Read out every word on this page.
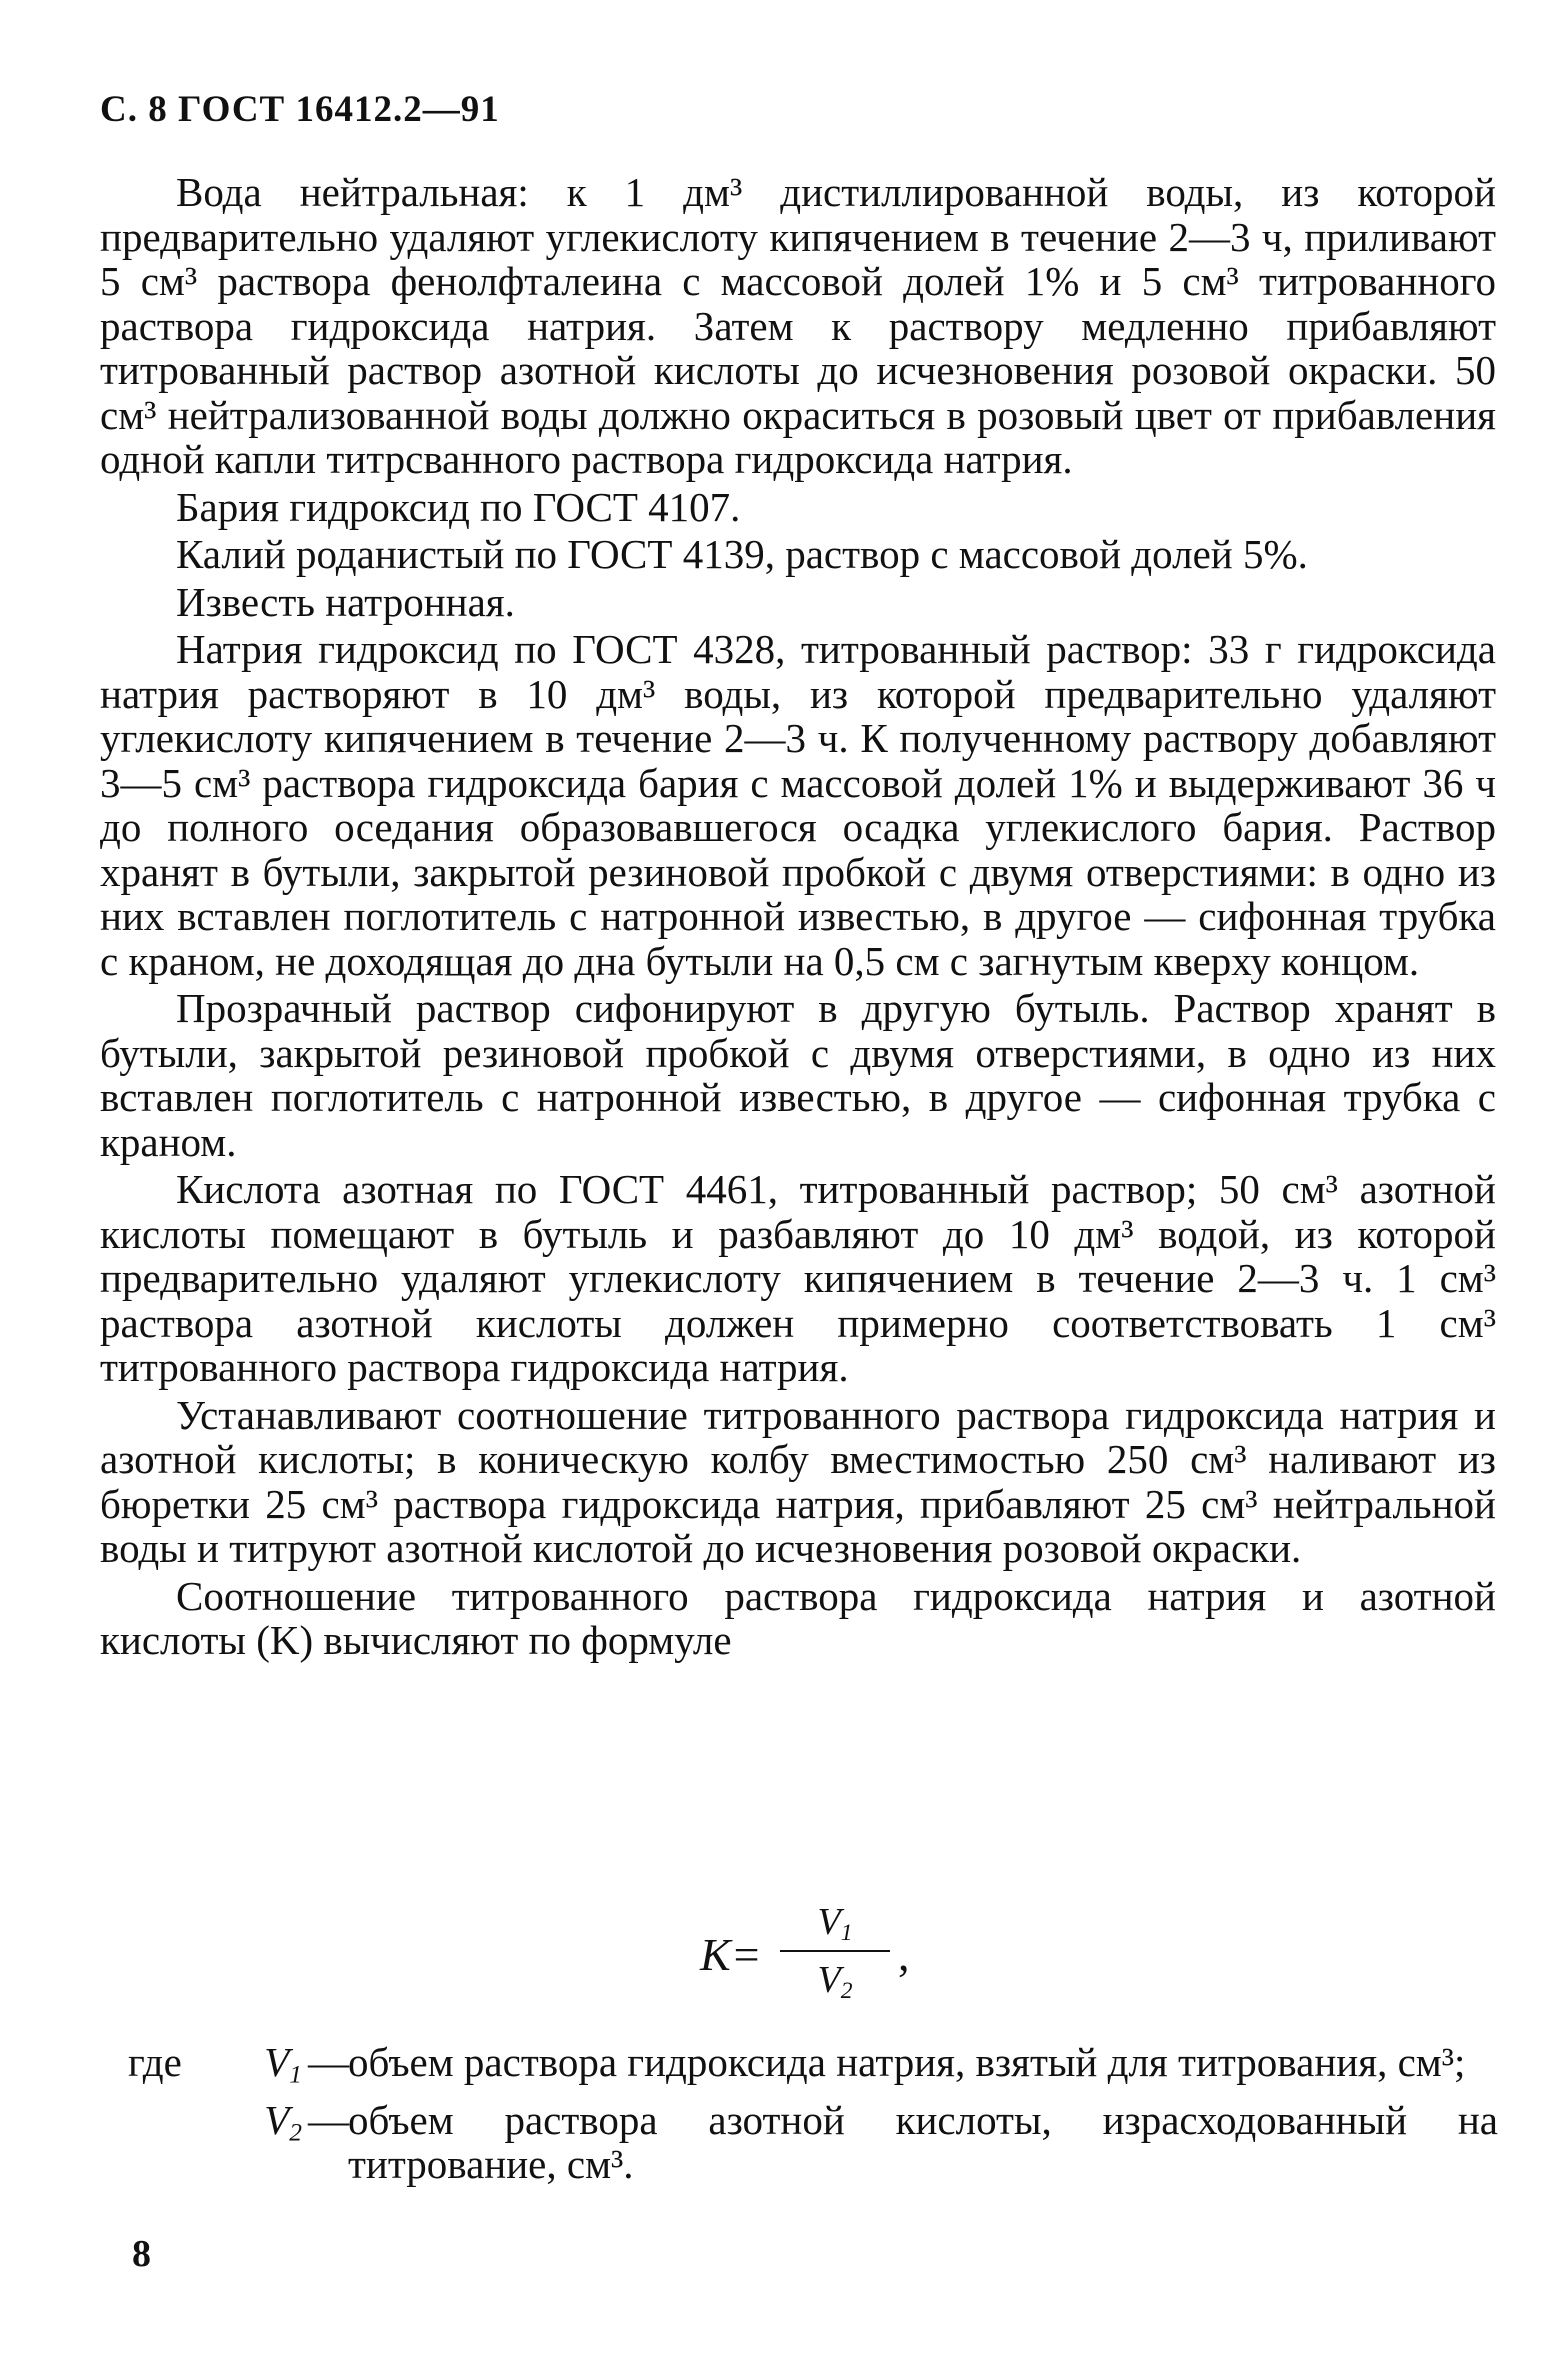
С. 8 ГОСТ 16412.2—91

Вода нейтральная: к 1 дм³ дистиллированной воды, из которой предварительно удаляют углекислоту кипячением в течение 2—3 ч, приливают 5 см³ раствора фенолфталеина с массовой долей 1% и 5 см³ титрованного раствора гидроксида натрия. Затем к раствору медленно прибавляют титрованный раствор азотной кислоты до исчезновения розовой окраски. 50 см³ нейтрализованной воды должно окраситься в розовый цвет от прибавления одной капли титрсванного раствора гидроксида натрия.

Бария гидроксид по ГОСТ 4107.

Калий роданистый по ГОСТ 4139, раствор с массовой долей 5%.

Известь натронная.

Натрия гидроксид по ГОСТ 4328, титрованный раствор: 33 г гидроксида натрия растворяют в 10 дм³ воды, из которой предварительно удаляют углекислоту кипячением в течение 2—3 ч. К полученному раствору добавляют 3—5 см³ раствора гидроксида бария с массовой долей 1% и выдерживают 36 ч до полного оседания образовавшегося осадка углекислого бария. Раствор хранят в бутыли, закрытой резиновой пробкой с двумя отверстиями: в одно из них вставлен поглотитель с натронной известью, в другое — сифонная трубка с краном, не доходящая до дна бутыли на 0,5 см с загнутым кверху концом.

Прозрачный раствор сифонируют в другую бутыль. Раствор хранят в бутыли, закрытой резиновой пробкой с двумя отверстиями, в одно из них вставлен поглотитель с натронной известью, в другое — сифонная трубка с краном.

Кислота азотная по ГОСТ 4461, титрованный раствор; 50 см³ азотной кислоты помещают в бутыль и разбавляют до 10 дм³ водой, из которой предварительно удаляют углекислоту кипячением в течение 2—3 ч. 1 см³ раствора азотной кислоты должен примерно соответствовать 1 см³ титрованного раствора гидроксида натрия.

Устанавливают соотношение титрованного раствора гидроксида натрия и азотной кислоты; в коническую колбу вместимостью 250 см³ наливают из бюретки 25 см³ раствора гидроксида натрия, прибавляют 25 см³ нейтральной воды и титруют азотной кислотой до исчезновения розовой окраски.

Соотношение титрованного раствора гидроксида натрия и азотной кислоты (K) вычисляют по формуле

K=
$V_1$
$V_2$
,
где	$V_1$ — объем раствора гидроксида натрия, взятый для титрования, см³;
$V_2$ — объем раствора азотной кислоты, израсходованный на титрование, см³.
8
